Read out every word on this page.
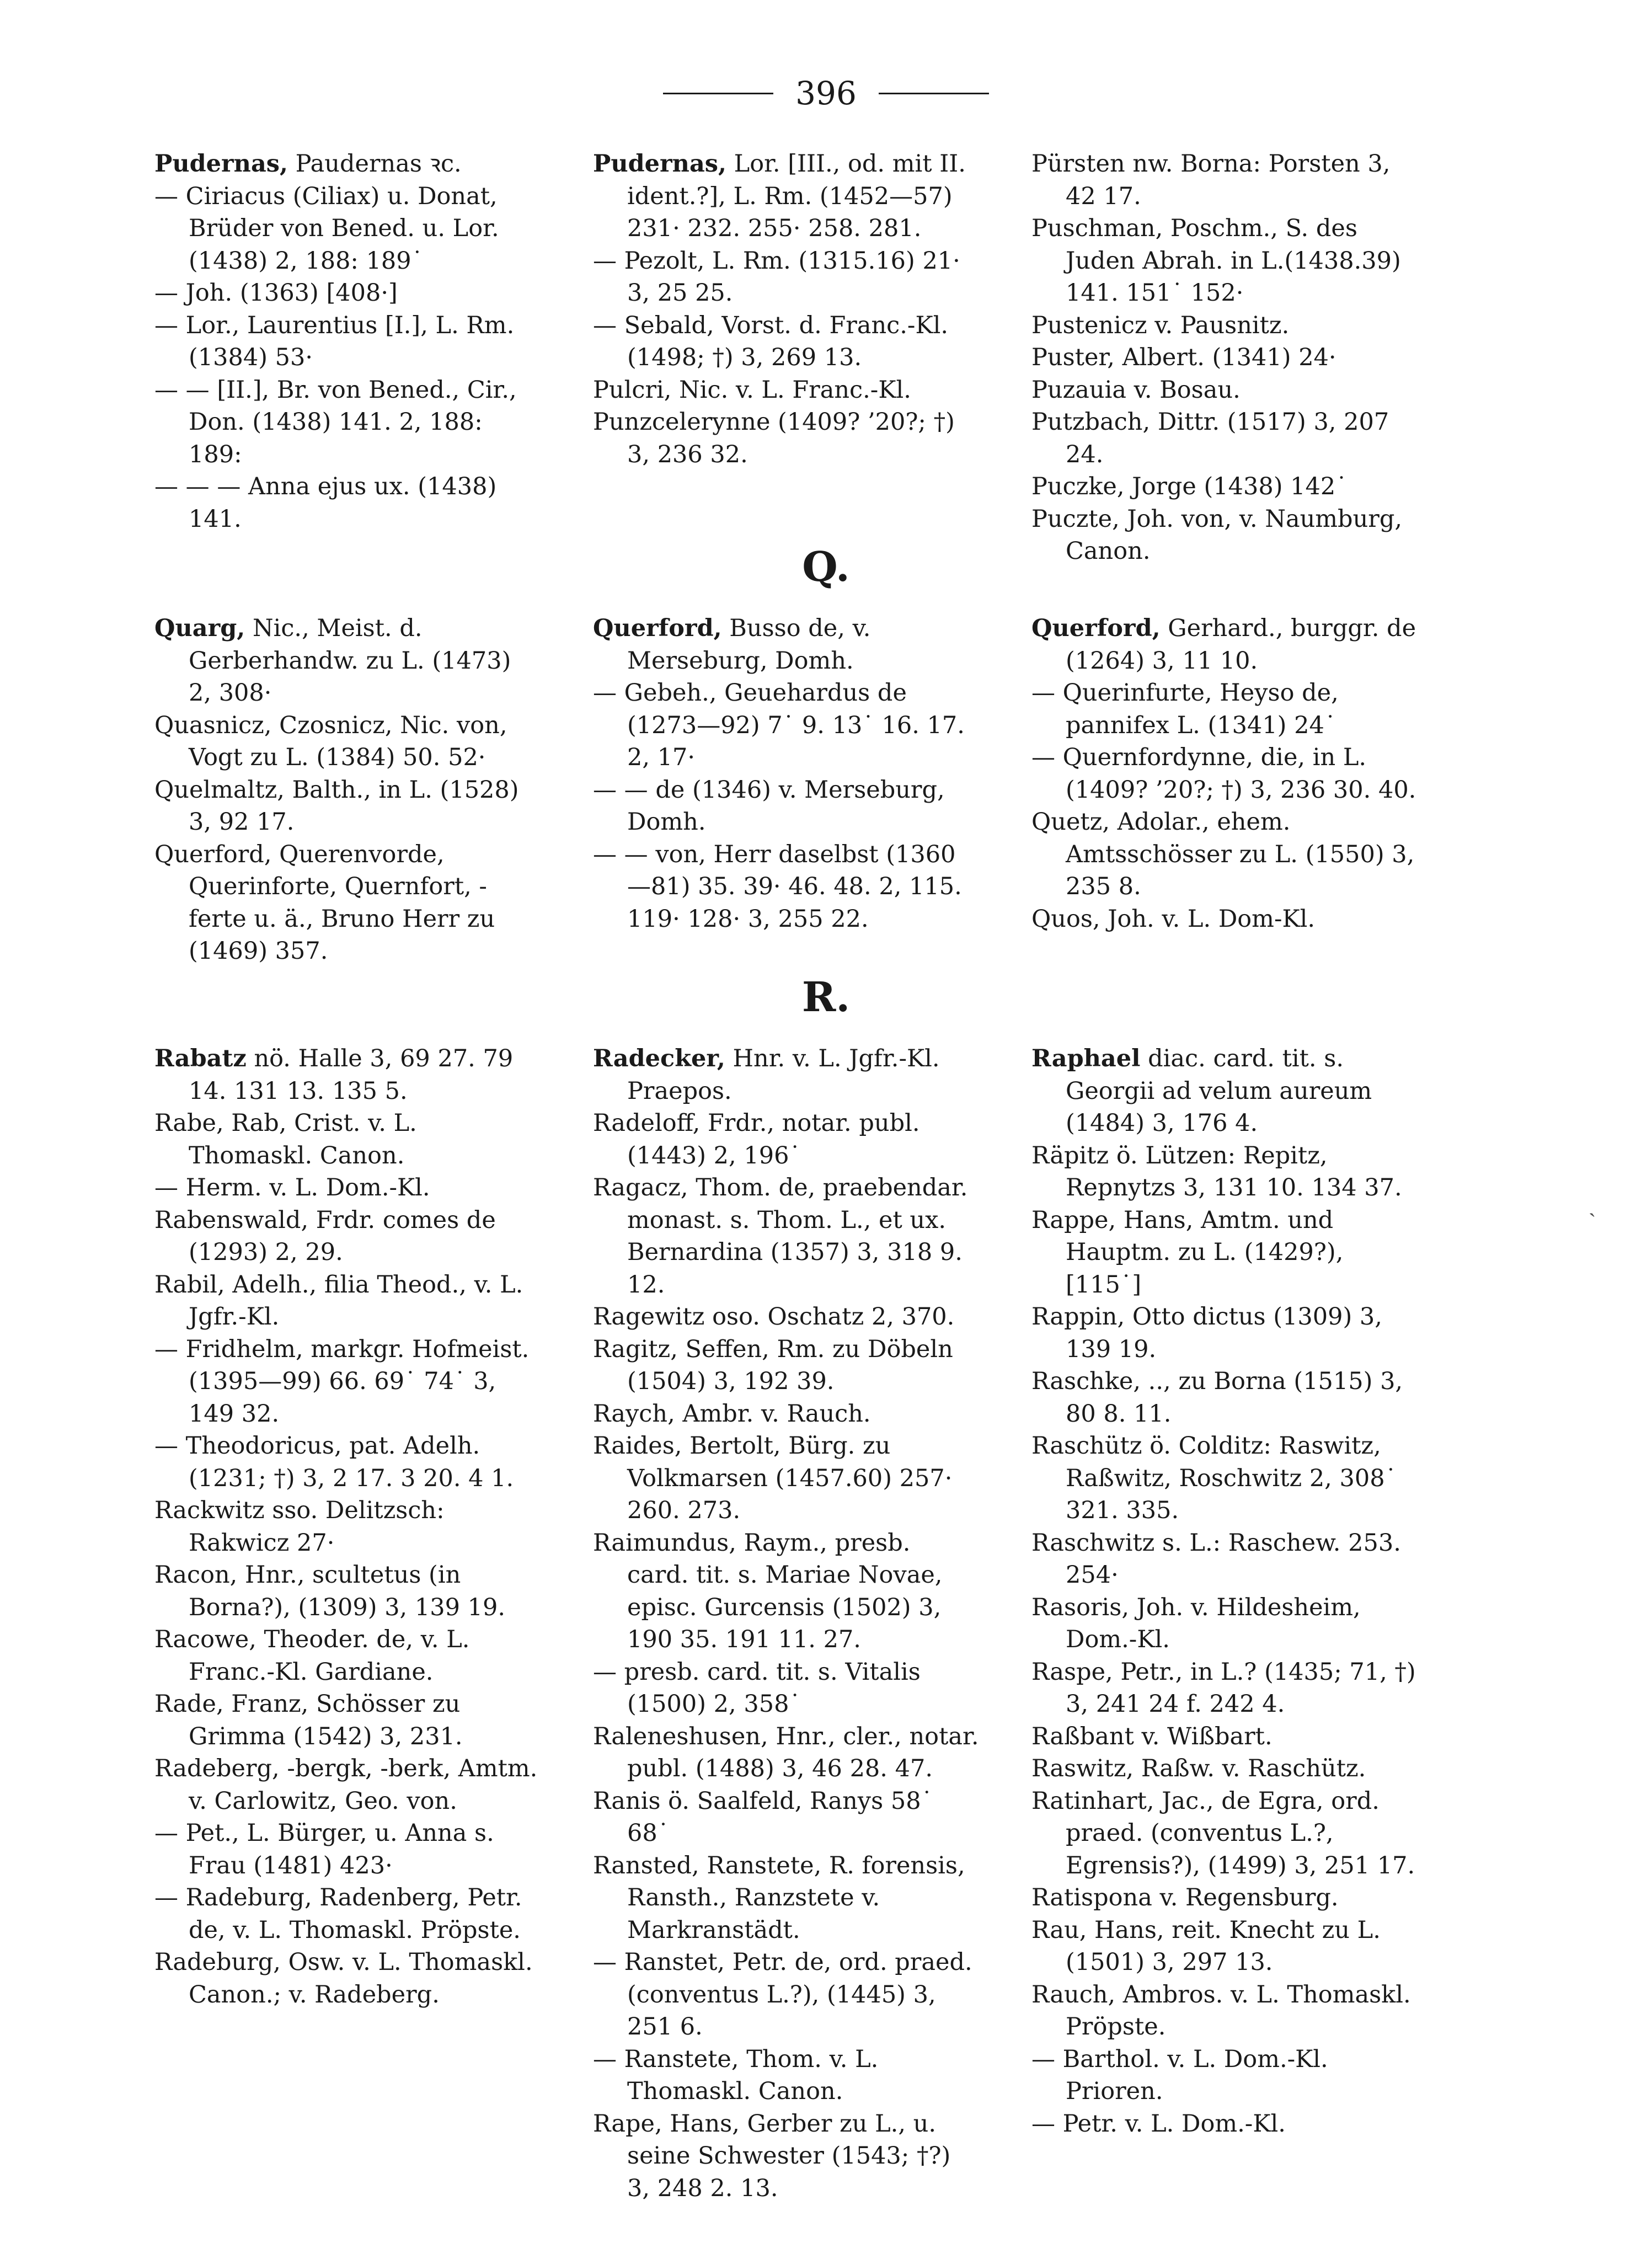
396

Pudernas, Paudernas ꝛc.

— Ciriacus (Ciliax) u. Donat, Brüder von Bened. u. Lor. (1438) 2, 188: 189˙

— Joh. (1363) [408·]

— Lor., Laurentius [I.], L. Rm. (1384) 53·

— — [II.], Br. von Bened., Cir., Don. (1438) 141. 2, 188: 189:

— — — Anna ejus ux. (1438) 141.

Pudernas, Lor. [III., od. mit II. ident.?], L. Rm. (1452—57) 231· 232. 255· 258. 281.

— Pezolt, L. Rm. (1315.16) 21· 3, 25 25.

— Sebald, Vorst. d. Franc.-Kl.(1498; †) 3, 269 13.

Pulcri, Nic. v. L. Franc.-Kl.

Punzcelerynne (1409? ’20?; †) 3, 236 32.

Pürsten nw. Borna: Porsten 3, 42 17.

Puschman, Poschm., S. des Juden Abrah. in L.(1438.39) 141. 151˙ 152·

Pustenicz v. Pausnitz.

Puster, Albert. (1341) 24·

Puzauia v. Bosau.

Putzbach, Dittr. (1517) 3, 207 24.

Puczke, Jorge (1438) 142˙

Puczte, Joh. von, v. Naumburg, Canon.

Q.

Quarg, Nic., Meist. d. Gerberhandw. zu L. (1473) 2, 308·

Quasnicz, Czosnicz, Nic. von, Vogt zu L. (1384) 50. 52·

Quelmaltz, Balth., in L. (1528) 3, 92 17.

Querford, Querenvorde, Querinforte, Quernfort, -ferte u. ä., Bruno Herr zu (1469) 357.

Querford, Busso de, v. Merseburg, Domh.

— Gebeh., Geuehardus de (1273—92) 7˙ 9. 13˙ 16. 17. 2, 17·

— — de (1346) v. Merseburg, Domh.

— — von, Herr daselbst (1360—81) 35. 39· 46. 48. 2, 115. 119· 128· 3, 255 22.

Querford, Gerhard., burggr. de (1264) 3, 11 10.

— Querinfurte, Heyso de, pannifex L. (1341) 24˙

— Quernfordynne, die, in L. (1409? ’20?; †) 3, 236 30. 40.

Quetz, Adolar., ehem. Amtsschösser zu L. (1550) 3, 235 8.

Quos, Joh. v. L. Dom-Kl.

R.

Rabatz nö. Halle 3, 69 27. 79 14. 131 13. 135 5.

Rabe, Rab, Crist. v. L. Thomaskl. Canon.

— Herm. v. L. Dom.-Kl.

Rabenswald, Frdr. comes de (1293) 2, 29.

Rabil, Adelh., filia Theod., v. L. Jgfr.-Kl.

— Fridhelm, markgr. Hofmeist. (1395—99) 66. 69˙ 74˙ 3, 149 32.

— Theodoricus, pat. Adelh. (1231; †) 3, 2 17. 3 20. 4 1.

Rackwitz sso. Delitzsch: Rakwicz 27·

Racon, Hnr., scultetus (in Borna?), (1309) 3, 139 19.

Racowe, Theoder. de, v. L. Franc.-Kl. Gardiane.

Rade, Franz, Schösser zu Grimma (1542) 3, 231.

Radeberg, -bergk, -berk, Amtm. v. Carlowitz, Geo. von.

— Pet., L. Bürger, u. Anna s. Frau (1481) 423·

— Radeburg, Radenberg, Petr. de, v. L. Thomaskl. Pröpste.

Radeburg, Osw. v. L. Thomaskl. Canon.; v. Radeberg.

Radecker, Hnr. v. L. Jgfr.-Kl. Praepos.

Radeloff, Frdr., notar. publ. (1443) 2, 196˙

Ragacz, Thom. de, praebendar. monast. s. Thom. L., et ux. Bernardina (1357) 3, 318 9. 12.

Ragewitz oso. Oschatz 2, 370.

Ragitz, Seffen, Rm. zu Döbeln (1504) 3, 192 39.

Raych, Ambr. v. Rauch.

Raides, Bertolt, Bürg. zu Volkmarsen (1457.60) 257· 260. 273.

Raimundus, Raym., presb. card. tit. s. Mariae Novae, episc. Gurcensis (1502) 3, 190 35. 191 11. 27.

— presb. card. tit. s. Vitalis (1500) 2, 358˙

Raleneshusen, Hnr., cler., notar. publ. (1488) 3, 46 28. 47.

Ranis ö. Saalfeld, Ranys 58˙ 68˙

Ransted, Ranstete, R. forensis, Ransth., Ranzstete v. Markranstädt.

— Ranstet, Petr. de, ord. praed. (conventus L.?), (1445) 3, 251 6.

— Ranstete, Thom. v. L. Thomaskl. Canon.

Rape, Hans, Gerber zu L., u. seine Schwester (1543; †?) 3, 248 2. 13.

Raphael diac. card. tit. s. Georgii ad velum aureum (1484) 3, 176 4.

Räpitz ö. Lützen: Repitz, Repnytzs 3, 131 10. 134 37.

Rappe, Hans, Amtm. und Hauptm. zu L. (1429?), [115˙]

Rappin, Otto dictus (1309) 3, 139 19.

Raschke, .., zu Borna (1515) 3, 80 8. 11.

Raschütz ö. Colditz: Raswitz, Raßwitz, Roschwitz 2, 308˙ 321. 335.

Raschwitz s. L.: Raschew. 253. 254·

Rasoris, Joh. v. Hildesheim, Dom.-Kl.

Raspe, Petr., in L.? (1435; 71, †) 3, 241 24 f. 242 4.

Raßbant v. Wißbart.

Raswitz, Raßw. v. Raschütz.

Ratinhart, Jac., de Egra, ord. praed. (conventus L.?, Egrensis?), (1499) 3, 251 17.

Ratispona v. Regensburg.

Rau, Hans, reit. Knecht zu L. (1501) 3, 297 13.

Rauch, Ambros. v. L. Thomaskl. Pröpste.

— Barthol. v. L. Dom.-Kl. Prioren.

— Petr. v. L. Dom.-Kl.

ˎ
